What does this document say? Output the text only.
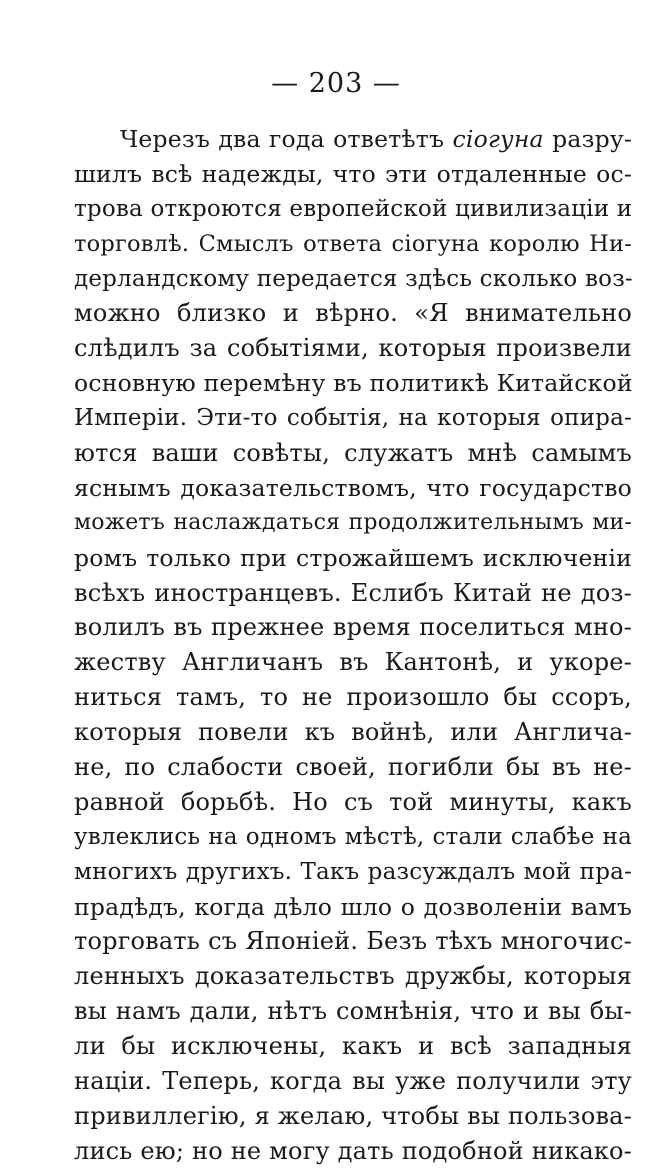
— 203 —
Черезъ два года ответѣтъ сiогуна разру-
шилъ всѣ надежды, что эти отдаленные ос-
трова откроются европейской цивилизацiи и
торговлѣ. Смыслъ ответа сiогуна королю Ни-
дерландскому передается здѣсь сколько воз-
можно близко и вѣрно. «Я внимательно
слѣдилъ за событiями, которыя произвели
основную перемѣну въ политикѣ Китайской
Имперiи. Эти-то событiя, на которыя опира-
ются ваши совѣты, служатъ мнѣ самымъ
яснымъ доказательствомъ, что государство
можетъ наслаждаться продолжительнымъ ми-
ромъ только при строжайшемъ исключенiи
всѣхъ иностранцевъ. Еслибъ Китай не доз-
волилъ въ прежнее время поселиться мно-
жеству Англичанъ въ Кантонѣ, и укоре-
ниться тамъ, то не произошло бы ссоръ,
которыя повели къ войнѣ, или Англича-
не, по слабости своей, погибли бы въ не-
равной борьбѣ. Но съ той минуты, какъ
увлеклись на одномъ мѣстѣ, стали слабѣе на
многихъ другихъ. Такъ разсуждалъ мой пра-
прадѣдъ, когда дѣло шло о дозволенiи вамъ
торговать съ Японiей. Безъ тѣхъ многочис-
ленныхъ доказательствъ дружбы, которыя
вы намъ дали, нѣтъ сомнѣнiя, что и вы бы-
ли бы исключены, какъ и всѣ западныя
нацiи. Теперь, когда вы уже получили эту
привиллегiю, я желаю, чтобы вы пользова-
лись ею; но не могу дать подобной никако-
